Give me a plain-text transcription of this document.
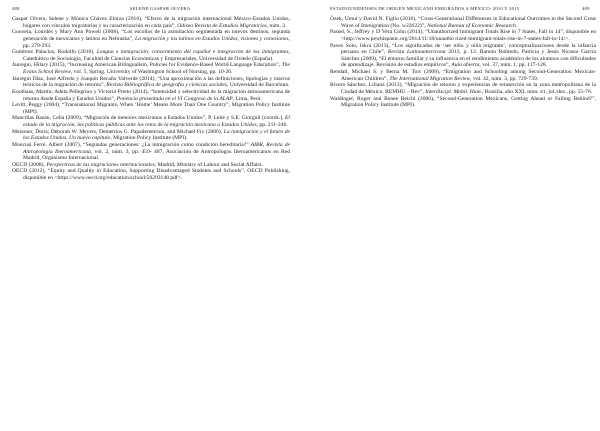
488	SELENE GASPAR OLVERA

Gaspar Olvera, Selene y Mónica Chávez Elorza (2016), “Efecto de la migración internacional México-Estados Unidos, hogares con vínculos migratorios y su caracterización en cada país”, Odisea Revista de Estudios Migratorios, núm. 3.

Gouveia, Lourdes y Mary Ann Powell (2008), “Los escollos de la asimilación segmentada en nuevos destinos, segunda generación de mexicanos y latinos en Nebraska”, La migración y los latinos en Estados Unidos, visiones y conexiones, pp. 279-293.

Gutiérrez Palacios, Rodolfo (2010), Lengua e inmigración, conocimiento del español e integración de los inmigrantes, Catedrático de Sociología, Facultad de Ciencias Económicas y Empresariales, Universidad de Oviedo (España).

Jauregui, Hilary (2015), “Increasing American Bilingualism, Policies for Evidence-Based World Language Education”, The Evans School Review, vol. 5, Spring, University of Washington School of Nursing, pp. 10-26.

Jáuregui Díaz, José Alfredo y Joaquín Recaño Valverde (2014), “Una aproximación a las definiciones, tipologías y marcos teóricos de la migración de retorno”, Revista Bibliográfica de geografía y ciencias sociales, Universidad de Barcelona.

Koolhaas, Martín; Adela Pellegrino y Victoria Prieto (2014), “Intensidad y selectividad de la migración latinoamericana de retorno desde España y Estados Unidos”, Ponencia presentada en el VI Congreso de la ALAP, Lima, Perú.

Levitt, Peggy (2004), “Transnational Migrants, When ‘Home’ Means More Than One Country”, Migration Policy Institute (MPI).

Mancillas Bazán, Celia (2009), “Migración de menores mexicanos a Estados Unidos”, P. Leite y S.E. Giorguli (coords.), El estado de la migración, las políticas públicas ante los retos de la migración mexicana a Estados Unidos, pp. 211-246.

Meissner, Doris; Deborah W. Meyers, Demetrios G. Papademetriou, and Michael Fix (2006), La inmigración y el futuro de los Estados Unidos. Un nuevo capítulo, Migration Policy Institute (MPI).

Moncusí Ferré, Albert (2007), “Segundas generaciones: ¿La inmigración como condición hereditaria?” AIBR, Revista de Antropología Iberoamericana, vol. 2, núm. 3, pp. 459- 487, Asociación de Antropólogos Iberoamericanos en Red Madrid, Organismo Internacional.

OECD (2008), Perspectivas de las migraciones internacionales, Madrid, Ministry of Labour and Social Affairs.

OECD (2012), “Equity and Quality in Education, Supporting Disadvantaged Students and Schools”, OECD Publishing, disponible en <https://www.oecd.org/education/school/50293148.pdf>.

ESTADOUNIDENSES DE ORIGEN MEXICANO EMIGRADOS A MÉXICO: 2010 Y 2015	489

Özek, Umut y David N. Figlio (2016), “Cross-Generational Differences in Educational Outcomes in the Second Great Wave of Immigration (No. w22622)”, National Bureau of Economic Research.

Passel, S., Jeffrey y D’Vera Cohn (2014), “Unauthorized Immigrant Totals Rise in 7 States, Fall in 14”, disponible en <http://www.pewhispanic.org/2014/11/18/unautho rized-immigrant-totals-rise-in-7-states-fall-in-14/>.

Pavez Soto, Iskra (2013), “Los significados de ‘ser niño y niña migrante’, conceptualizaciones desde la infancia peruana en Chile”, Revista Latinoamericana 2013, p. 12. Ramón Robledo, Patricia y Jesús Nicasio García Sánchez (2009), “El entorno familiar y su influencia en el rendimiento académico de los alumnos con dificultades de aprendizaje. Revisión de estudios empíricos”, Aula abierta, vol. 37, núm. 1, pp. 117-128.

Rendall, Michael S. y Berna M. Torr (2008), “Emigration and Schooling among Second-Generation Mexican-American Children”, The International Migration Review, vol. 42, núm. 3, pp. 729-739.

Rivera Sánchez, Liliana (2013), “Migración de retorno y experiencias de reinserción en la zona metropolitana de la Ciudad de México, REMHU – Rev”, Interdiscipl. Mobil. Hum., Brasilia, año XXI, núm. 41, jul./dez., pp. 55-76.

Waldinger, Roger and Renee Reichl (2006), “Second-Generation Mexicans, Getting Ahead or Falling Behind?”, Migration Policy Institute (MPI).
